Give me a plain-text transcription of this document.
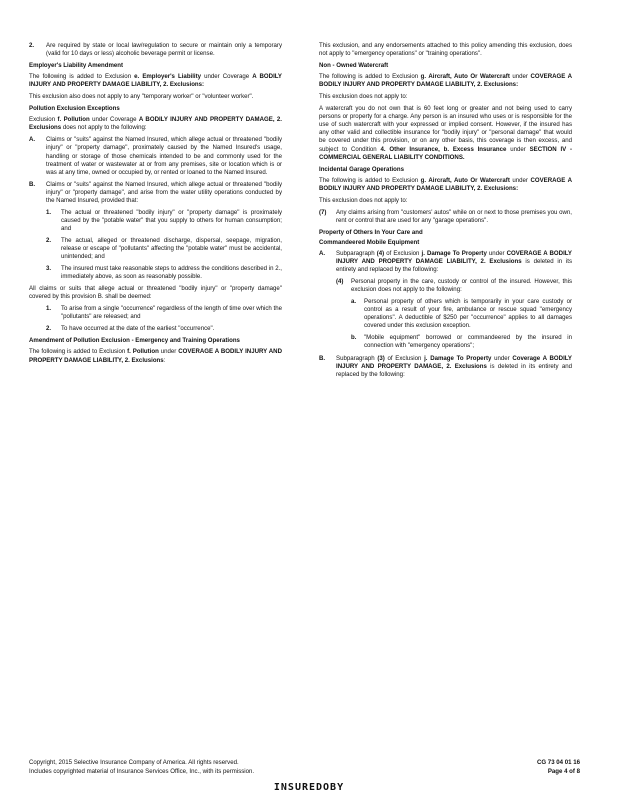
2.	Are required by state or local law/regulation to secure or maintain only a temporary (valid for 10 days or less) alcoholic beverage permit or license.
Employer's Liability Amendment

The following is added to Exclusion e. Employer's Liability under Coverage A BODILY INJURY AND PROPERTY DAMAGE LIABILITY, 2. Exclusions:

This exclusion also does not apply to any "temporary worker" or "volunteer worker".

Pollution Exclusion Exceptions

Exclusion f. Pollution under Coverage A BODILY INJURY AND PROPERTY DAMAGE, 2. Exclusions does not apply to the following:

A.	Claims or "suits" against the Named Insured, which allege actual or threatened "bodily injury" or "property damage", proximately caused by the Named Insured's usage, handling or storage of those chemicals intended to be and commonly used for the treatment of water or wastewater at or from any premises, site or location which is or was at any time, owned or occupied by, or rented or loaned to the Named Insured.
B.	Claims or "suits" against the Named Insured, which allege actual or threatened "bodily injury" or "property damage", and arise from the water utility operations conducted by the Named Insured, provided that:
1.	The actual or threatened "bodily injury" or "property damage" is proximately caused by the "potable water" that you supply to others for human consumption; and
2.	The actual, alleged or threatened discharge, dispersal, seepage, migration, release or escape of "pollutants" affecting the "potable water" must be accidental, unintended; and
3.	The insured must take reasonable steps to address the conditions described in 2., immediately above, as soon as reasonably possible.

All claims or suits that allege actual or threatened "bodily injury" or "property damage" covered by this provision B. shall be deemed:

1.	To arise from a single "occurrence" regardless of the length of time over which the "pollutants" are released; and
2.	To have occurred at the date of the earliest "occurrence".
Amendment of Pollution Exclusion - Emergency and Training Operations

The following is added to Exclusion f. Pollution under COVERAGE A BODILY INJURY AND PROPERTY DAMAGE LIABILITY, 2. Exclusions:

This exclusion, and any endorsements attached to this policy amending this exclusion, does not apply to "emergency operations" or "training operations".

Non - Owned Watercraft

The following is added to Exclusion g. Aircraft, Auto Or Watercraft under COVERAGE A BODILY INJURY AND PROPERTY DAMAGE LIABILITY, 2. Exclusions:

This exclusion does not apply to:

A watercraft you do not own that is 60 feet long or greater and not being used to carry persons or property for a charge. Any person is an insured who uses or is responsible for the use of such watercraft with your expressed or implied consent. However, if the insured has any other valid and collectible insurance for "bodily injury" or "personal damage" that would be covered under this provision, or on any other basis, this coverage is then excess, and subject to Condition 4. Other Insurance, b. Excess Insurance under SECTION IV - COMMERCIAL GENERAL LIABILITY CONDITIONS.

Incidental Garage Operations

The following is added to Exclusion g. Aircraft, Auto Or Watercraft under COVERAGE A BODILY INJURY AND PROPERTY DAMAGE LIABILITY, 2. Exclusions:

This exclusion does not apply to:

(7)	Any claims arising from "customers' autos" while on or next to those premises you own, rent or control that are used for any "garage operations".
Property of Others In Your Care and
Commandeered Mobile Equipment
A.	Subparagraph (4) of Exclusion j. Damage To Property under COVERAGE A BODILY INJURY AND PROPERTY DAMAGE LIABILITY, 2. Exclusions is deleted in its entirety and replaced by the following:
(4)	Personal property in the care, custody or control of the insured. However, this exclusion does not apply to the following:
a.	Personal property of others which is temporarily in your care custody or control as a result of your fire, ambulance or rescue squad "emergency operations". A deductible of $250 per "occurrence" applies to all damages covered under this exclusion exception.
b.	"Mobile equipment" borrowed or commandeered by the insured in connection with "emergency operations";
B.	Subparagraph (3) of Exclusion j. Damage To Property under Coverage A BODILY INJURY AND PROPERTY DAMAGE, 2. Exclusions is deleted in its entirety and replaced by the following:
Copyright, 2015 Selective Insurance Company of America. All rights reserved.
Includes copyrighted material of Insurance Services Office, Inc., with its permission.
CG 73 04 01 16
Page 4 of 8
INSUREDOBY
